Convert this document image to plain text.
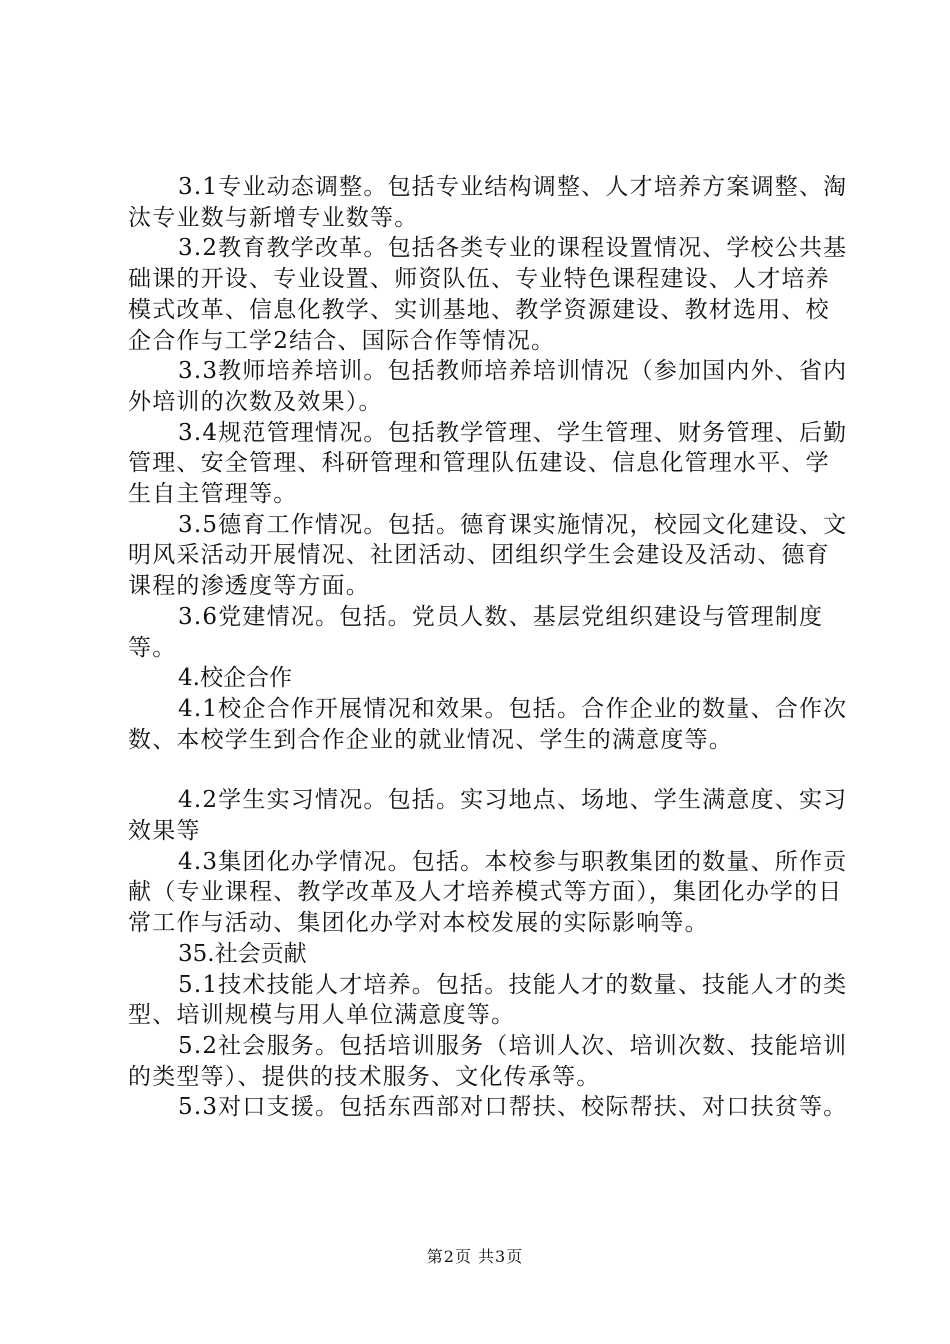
3.1专业动态调整。包括专业结构调整、人才培养方案调整、淘汰专业数与新增专业数等。

3.2教育教学改革。包括各类专业的课程设置情况、学校公共基础课的开设、专业设置、师资队伍、专业特色课程建设、人才培养模式改革、信息化教学、实训基地、教学资源建设、教材选用、校企合作与工学2结合、国际合作等情况。

3.3教师培养培训。包括教师培养培训情况（参加国内外、省内外培训的次数及效果）。

3.4规范管理情况。包括教学管理、学生管理、财务管理、后勤管理、安全管理、科研管理和管理队伍建设、信息化管理水平、学生自主管理等。

3.5德育工作情况。包括。德育课实施情况，校园文化建设、文明风采活动开展情况、社团活动、团组织学生会建设及活动、德育课程的渗透度等方面。

3.6党建情况。包括。党员人数、基层党组织建设与管理制度等。

4.校企合作

4.1校企合作开展情况和效果。包括。合作企业的数量、合作次数、本校学生到合作企业的就业情况、学生的满意度等。

4.2学生实习情况。包括。实习地点、场地、学生满意度、实习效果等

4.3集团化办学情况。包括。本校参与职教集团的数量、所作贡献（专业课程、教学改革及人才培养模式等方面），集团化办学的日常工作与活动、集团化办学对本校发展的实际影响等。

35.社会贡献

5.1技术技能人才培养。包括。技能人才的数量、技能人才的类型、培训规模与用人单位满意度等。

5.2社会服务。包括培训服务（培训人次、培训次数、技能培训的类型等）、提供的技术服务、文化传承等。

5.3对口支援。包括东西部对口帮扶、校际帮扶、对口扶贫等。

第2页 共3页
